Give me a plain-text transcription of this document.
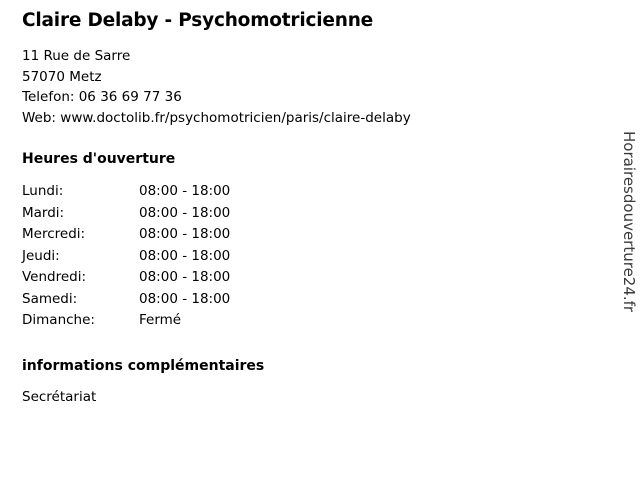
Claire Delaby - Psychomotricienne
11 Rue de Sarre
57070 Metz
Telefon: 06 36 69 77 36
Web: www.doctolib.fr/psychomotricien/paris/claire-delaby
Heures d'ouverture
Lundi:	08:00 - 18:00
Mardi:	08:00 - 18:00
Mercredi:	08:00 - 18:00
Jeudi:	08:00 - 18:00
Vendredi:	08:00 - 18:00
Samedi:	08:00 - 18:00
Dimanche:	Fermé
informations complémentaires
Secrétariat
Horairesdouverture24.fr
